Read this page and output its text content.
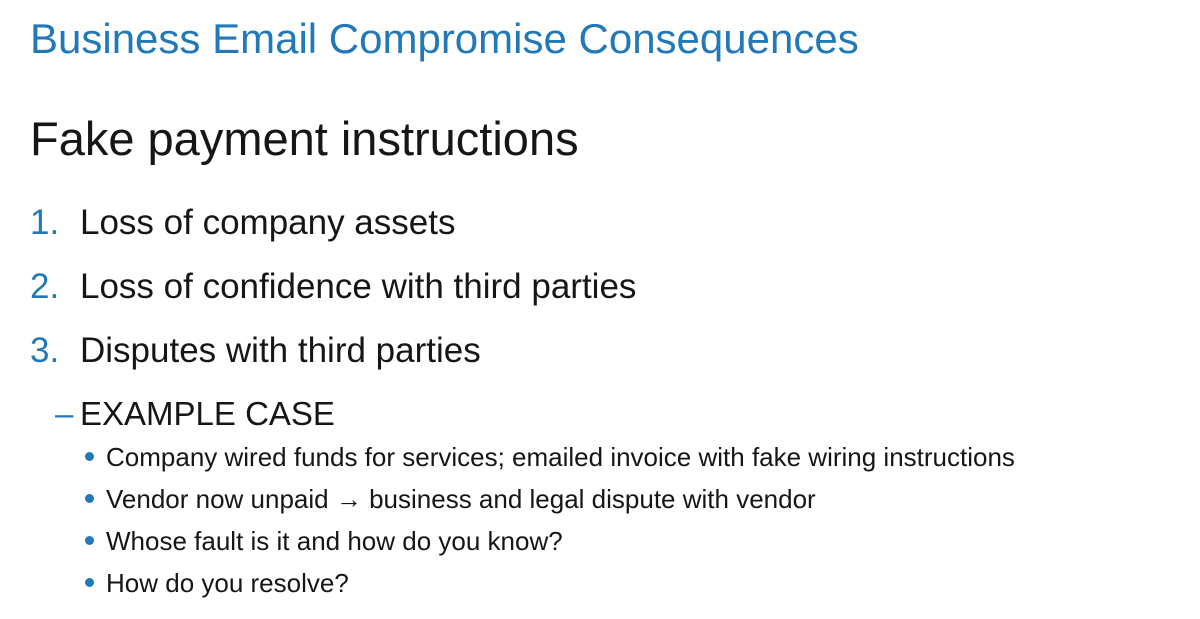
Business Email Compromise Consequences
Fake payment instructions
1. Loss of company assets
2. Loss of confidence with third parties
3. Disputes with third parties
– EXAMPLE CASE
Company wired funds for services; emailed invoice with fake wiring instructions
Vendor now unpaid → business and legal dispute with vendor
Whose fault is it and how do you know?
How do you resolve?
